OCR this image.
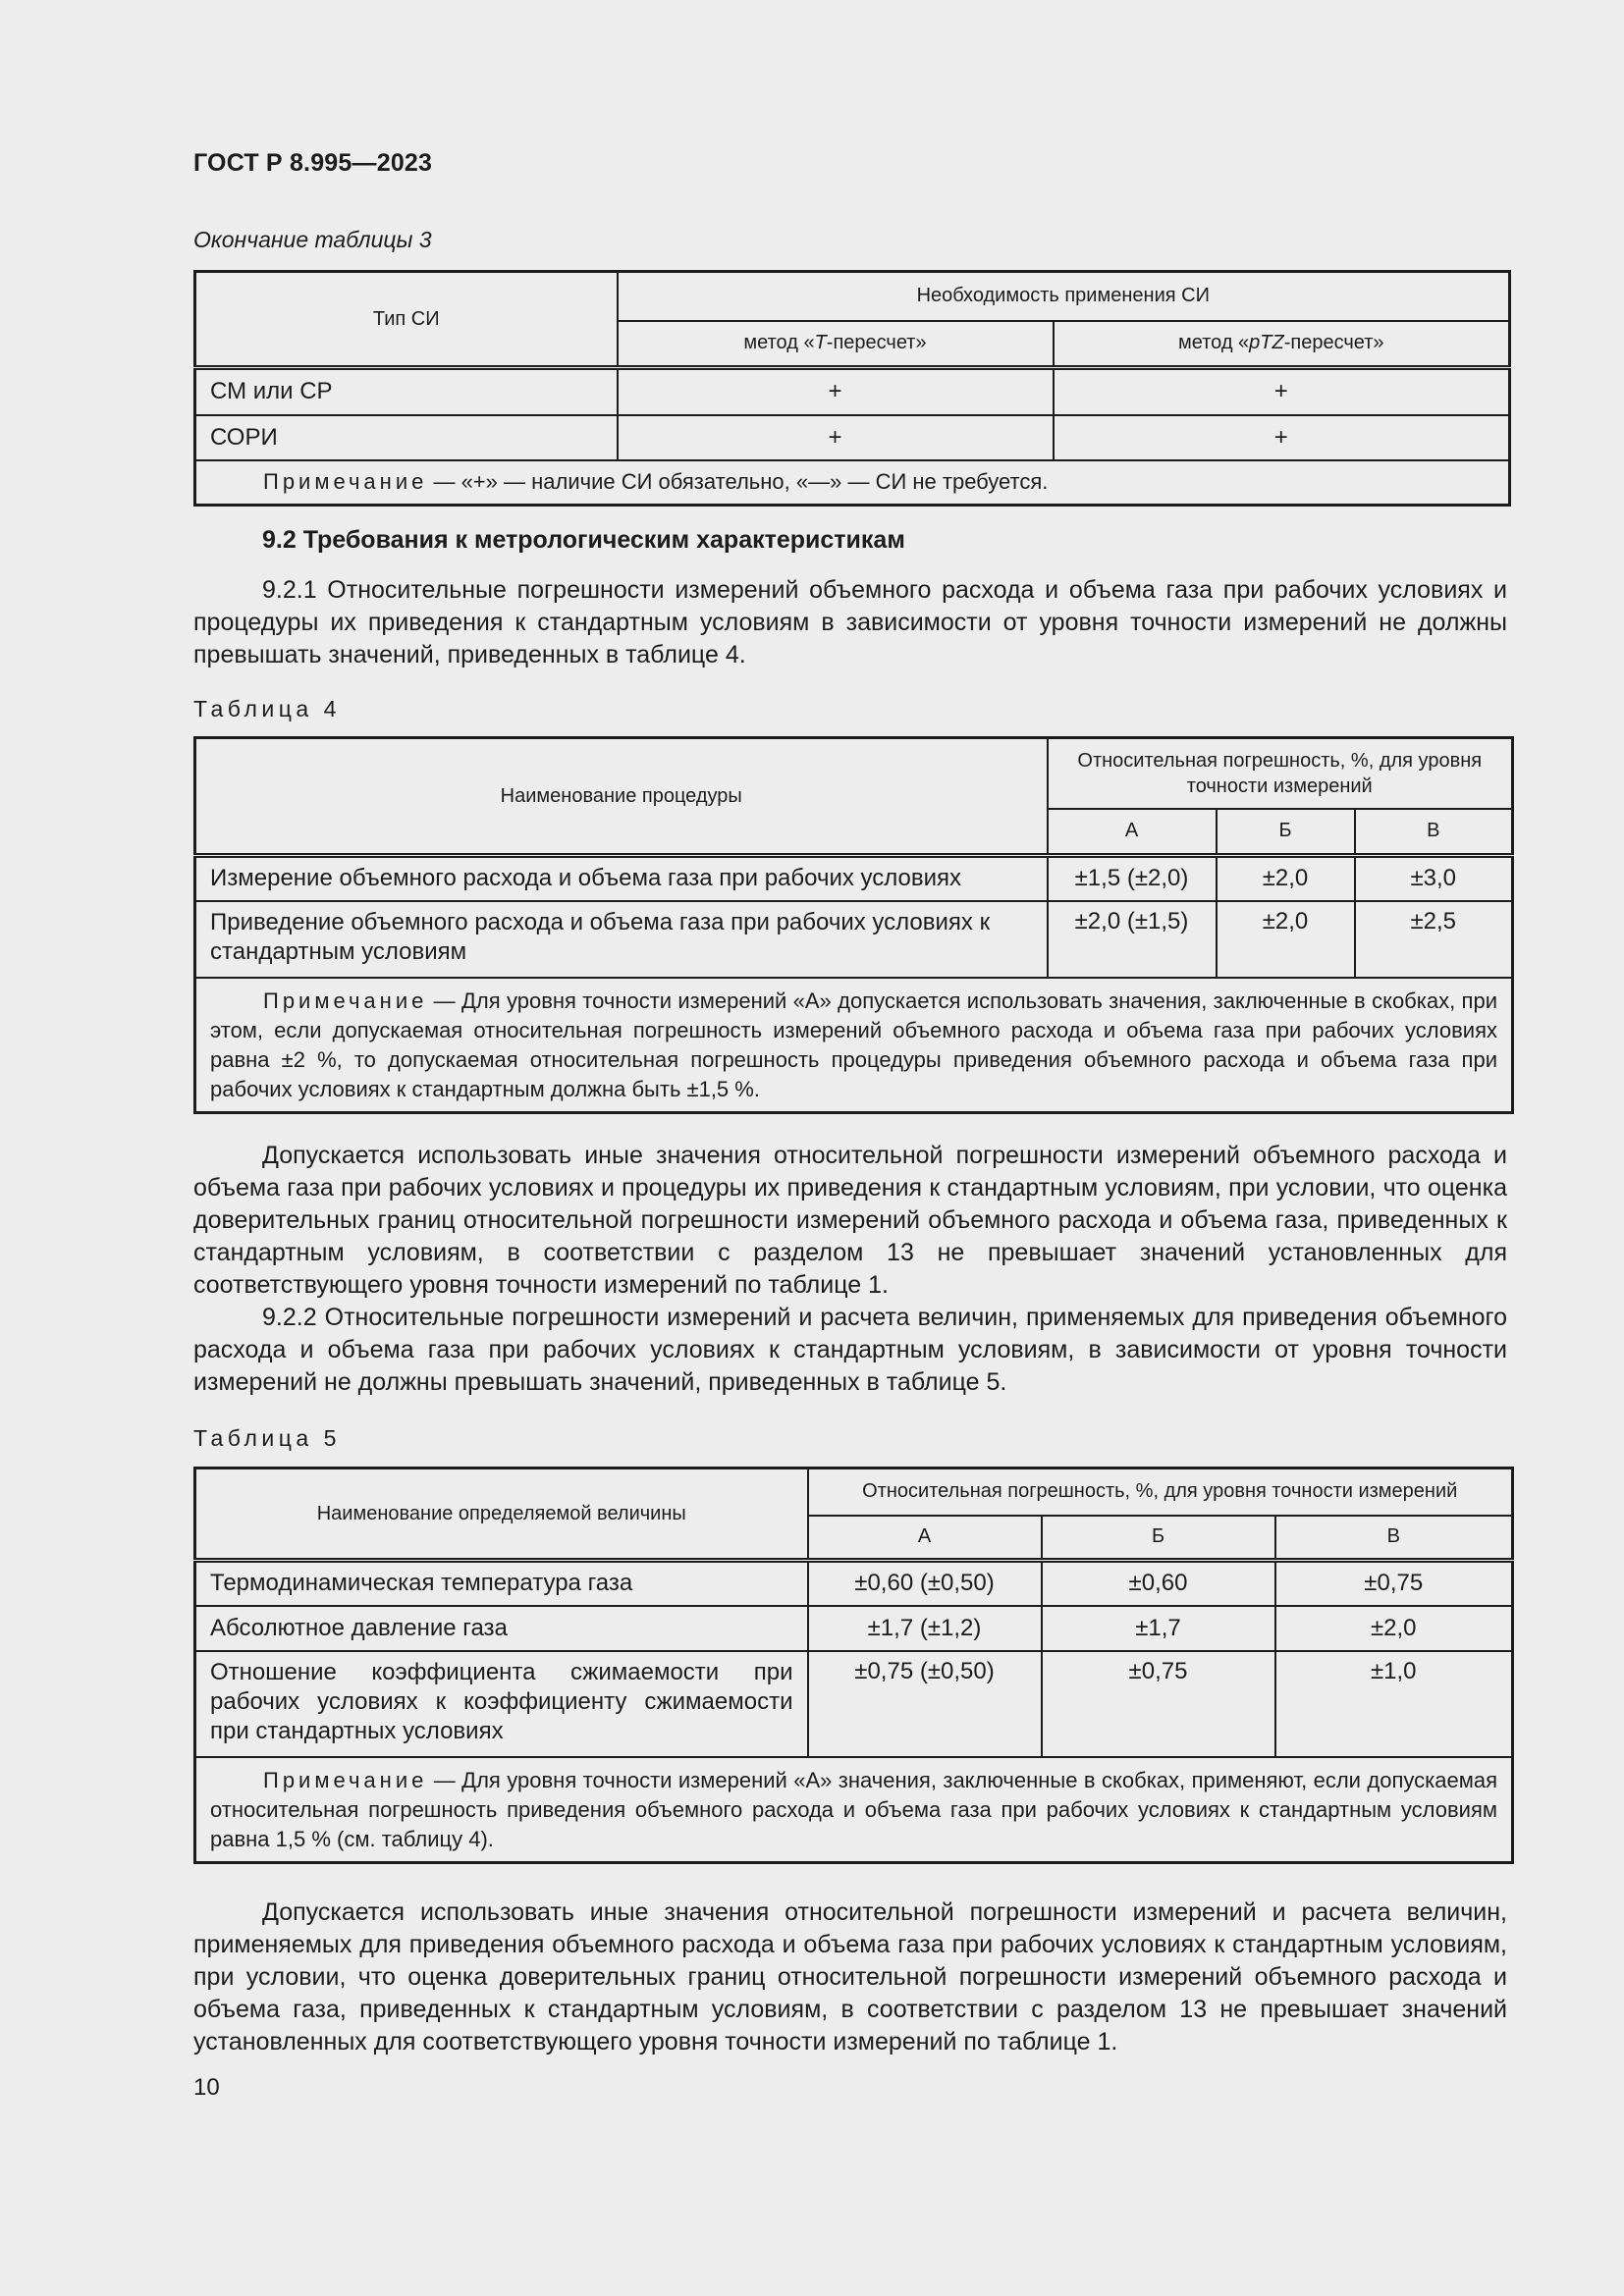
ГОСТ Р 8.995—2023
Окончание таблицы 3
Тип СИ	Необходимость применения СИ	
	метод «T-пересчет»	метод «pTZ-пересчет»
СМ или СР	+	+
СОРИ	+	+
Примечание — «+» — наличие СИ обязательно, «—» — СИ не требуется.		
9.2 Требования к метрологическим характеристикам

9.2.1 Относительные погрешности измерений объемного расхода и объема газа при рабочих условиях и процедуры их приведения к стандартным условиям в зависимости от уровня точности измерений не должны превышать значений, приведенных в таблице 4.

Таблица 4
Наименование процедуры	Относительная погрешность, %, для уровня точности измерений		
	А	Б	В
Измерение объемного расхода и объема газа при рабочих условиях	±1,5 (±2,0)	±2,0	±3,0
Приведение объемного расхода и объема газа при рабочих условиях к стандартным условиям	±2,0 (±1,5)	±2,0	±2,5
Примечание — Для уровня точности измерений «А» допускается использовать значения, заключенные в скобках, при этом, если допускаемая относительная погрешность измерений объемного расхода и объема газа при рабочих условиях равна ±2 %, то допускаемая относительная погрешность процедуры приведения объемного расхода и объема газа при рабочих условиях к стандартным должна быть ±1,5 %.			

Допускается использовать иные значения относительной погрешности измерений объемного расхода и объема газа при рабочих условиях и процедуры их приведения к стандартным условиям, при условии, что оценка доверительных границ относительной погрешности измерений объемного расхода и объема газа, приведенных к стандартным условиям, в соответствии с разделом 13 не превышает значений установленных для соответствующего уровня точности измерений по таблице 1.

9.2.2 Относительные погрешности измерений и расчета величин, применяемых для приведения объемного расхода и объема газа при рабочих условиях к стандартным условиям, в зависимости от уровня точности измерений не должны превышать значений, приведенных в таблице 5.

Таблица 5
Наименование определяемой величины	Относительная погрешность, %, для уровня точности измерений		
	А	Б	В
Термодинамическая температура газа	±0,60 (±0,50)	±0,60	±0,75
Абсолютное давление газа	±1,7 (±1,2)	±1,7	±2,0
Отношение коэффициента сжимаемости при рабочих условиях к коэффициенту сжимаемости при стандартных условиях	±0,75 (±0,50)	±0,75	±1,0
Примечание — Для уровня точности измерений «А» значения, заключенные в скобках, применяют, если допускаемая относительная погрешность приведения объемного расхода и объема газа при рабочих условиях к стандартным условиям равна 1,5 % (см. таблицу 4).			

Допускается использовать иные значения относительной погрешности измерений и расчета величин, применяемых для приведения объемного расхода и объема газа при рабочих условиях к стандартным условиям, при условии, что оценка доверительных границ относительной погрешности измерений объемного расхода и объема газа, приведенных к стандартным условиям, в соответствии с разделом 13 не превышает значений установленных для соответствующего уровня точности измерений по таблице 1.

10
